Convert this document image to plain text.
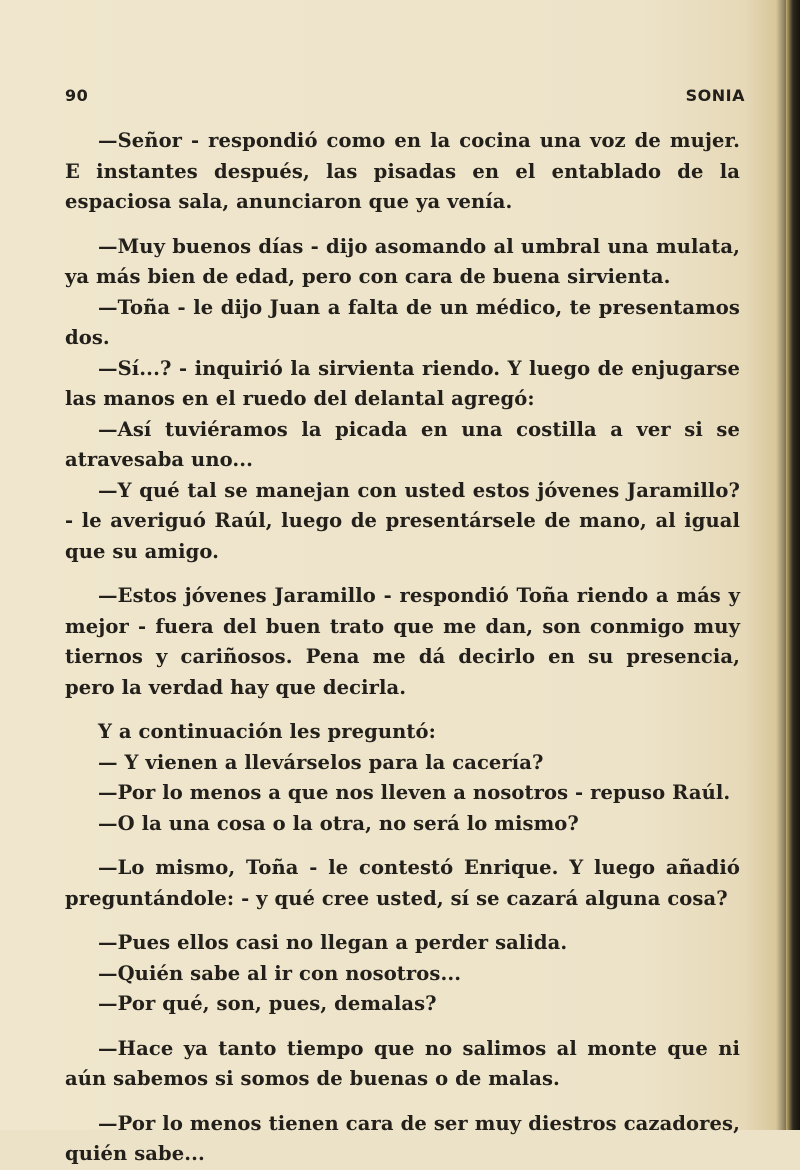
90	SONIA

—Señor - respondió como en la cocina una voz de mujer. E instantes después, las pisadas en el entablado de la espaciosa sala, anunciaron que ya venía.

—Muy buenos días - dijo asomando al umbral una mulata, ya más bien de edad, pero con cara de buena sirvienta.

—Toña - le dijo Juan a falta de un médico, te presentamos dos.

—Sí...? - inquirió la sirvienta riendo. Y luego de enjugarse las manos en el ruedo del delantal agregó:

—Así tuviéramos la picada en una costilla a ver si se atravesaba uno...

—Y qué tal se manejan con usted estos jóvenes Jaramillo? - le averiguó Raúl, luego de presentársele de mano, al igual que su amigo.

—Estos jóvenes Jaramillo - respondió Toña riendo a más y mejor - fuera del buen trato que me dan, son conmigo muy tiernos y cariñosos. Pena me dá decirlo en su presencia, pero la verdad hay que decirla.

Y a continuación les preguntó:

— Y vienen a llevárselos para la cacería?

—Por lo menos a que nos lleven a nosotros - repuso Raúl.

—O la una cosa o la otra, no será lo mismo?

—Lo mismo, Toña - le contestó Enrique. Y luego añadió preguntándole: - y qué cree usted, sí se cazará alguna cosa?

—Pues ellos casi no llegan a perder salida.

—Quién sabe al ir con nosotros...

—Por qué, son, pues, demalas?

—Hace ya tanto tiempo que no salimos al monte que ni aún sabemos si somos de buenas o de malas.

—Por lo menos tienen cara de ser muy diestros cazadores, quién sabe...
